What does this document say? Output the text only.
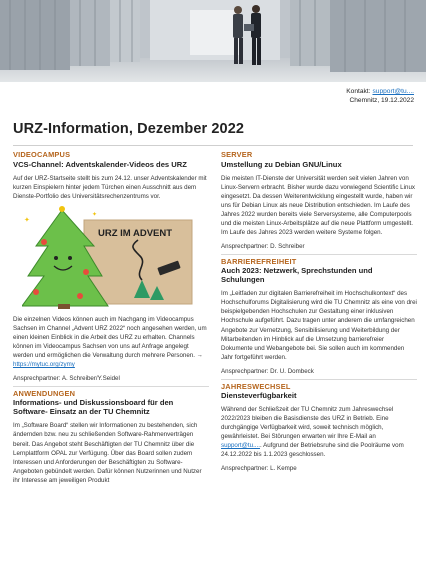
Kontakt: support@tu....
Chemnitz, 19.12.2022
URZ-Information, Dezember 2022
VIDEOCAMPUS
VCS-Channel: Adventskalender-Videos des URZ
Auf der URZ-Startseite stellt bis zum 24.12. unser Adventskalender mit kurzen Einspielern hinter jedem Türchen einen Ausschnitt aus dem Dienste-Portfolio des Universitätsrechenzentrums vor.
✦
✦
URZ IM ADVENT
Die einzelnen Videos können auch im Nachgang im Videocampus Sachsen im Channel „Advent URZ 2022“ noch angesehen werden, um einen kleinen Einblick in die Arbeit des URZ zu erhalten. Channels können im Videocampus Sachsen von uns auf Anfrage angelegt werden und ermöglichen die Verwaltung durch mehrere Personen. → https://mytuc.org/zymy
Ansprechpartner: A. Schreiber/Y.Seidel
ANWENDUNGEN
Informations- und Diskussionsboard für den Software- Einsatz an der TU Chemnitz
Im „Software Board“ stellen wir Informationen zu bestehenden, sich ändernden bzw. neu zu schließenden Software-Rahmenverträgen bereit. Das Angebot steht Beschäftigten der TU Chemnitz über die Lernplattform OPAL zur Verfügung. Über das Board sollen zudem Interessen und Anforderungen der Beschäftigten zu Software-Angeboten gebündelt werden. Dafür können Nutzerinnen und Nutzer ihr Interesse am jeweiligen Produkt
SERVER
Umstellung zu Debian GNU/Linux
Die meisten IT-Dienste der Universität werden seit vielen Jahren von Linux-Servern erbracht. Bisher wurde dazu vorwiegend Scientific Linux eingesetzt. Da dessen Weiterentwicklung eingestellt wurde, haben wir uns für Debian Linux als neue Distribution entschieden. Im Laufe des Jahres 2022 wurden bereits viele Serversysteme, alle Computerpools und die meisten Linux-Arbeitsplätze auf die neue Plattform umgestellt. Im Laufe des Jahres 2023 werden weitere Systeme folgen.
Ansprechpartner: D. Schreiber
BARRIEREFREIHEIT
Auch 2023: Netzwerk, Sprechstunden und Schulungen
Im „Leitfaden zur digitalen Barrierefreiheit im Hochschulkontext“ des Hochschulforums Digitalisierung wird die TU Chemnitz als eine von drei beispielgebenden Hochschulen zur Gestaltung einer inklusiven Hochschule aufgeführt. Dazu tragen unter anderem die umfangreichen Angebote zur Vernetzung, Sensibilisierung und Weiterbildung der Mitarbeitenden im Hinblick auf die Umsetzung barrierefreier Dokumente und Webangebote bei. Sie sollen auch im kommenden Jahr fortgeführt werden.
Ansprechpartner: Dr. U. Dombeck
JAHRESWECHSEL
Diensteverfügbarkeit
Während der Schließzeit der TU Chemnitz zum Jahreswechsel 2022/2023 bleiben die Basisdienste des URZ in Betrieb. Eine durchgängige Verfügbarkeit wird, soweit technisch möglich, gewährleistet. Bei Störungen erwarten wir Ihre E-Mail an support@tu..... Aufgrund der Betriebsruhe sind die Poolräume vom 24.12.2022 bis 1.1.2023 geschlossen.
Ansprechpartner: L. Kempe
